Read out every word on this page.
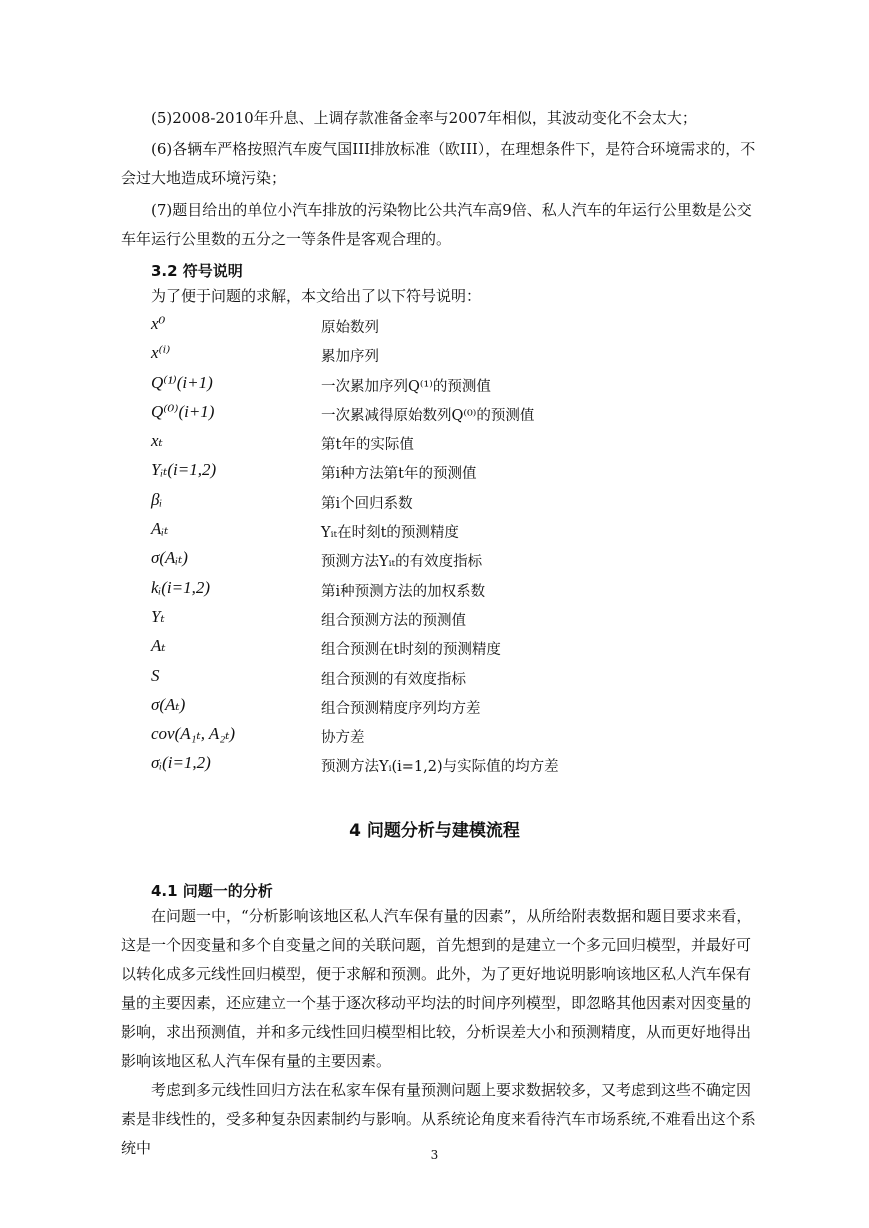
(5)2008-2010年升息、上调存款准备金率与2007年相似，其波动变化不会太大；

(6)各辆车严格按照汽车废气国III排放标准（欧III），在理想条件下，是符合环境需求的，不会过大地造成环境污染；

(7)题目给出的单位小汽车排放的污染物比公共汽车高9倍、私人汽车的年运行公里数是公交车年运行公里数的五分之一等条件是客观合理的。

3.2 符号说明

为了便于问题的求解，本文给出了以下符号说明：

x⁰	原始数列
x⁽ⁱ⁾	累加序列
Q⁽¹⁾(i+1)	一次累加序列Q⁽¹⁾的预测值
Q⁽⁰⁾(i+1)	一次累减得原始数列Q⁽⁰⁾的预测值
xₜ	第t年的实际值
Yᵢₜ(i=1,2)	第i种方法第t年的预测值
βᵢ	第i个回归系数
Aᵢₜ	Yᵢₜ在时刻t的预测精度
σ(Aᵢₜ)	预测方法Yᵢₜ的有效度指标
kᵢ(i=1,2)	第i种预测方法的加权系数
Yₜ	组合预测方法的预测值
Aₜ	组合预测在t时刻的预测精度
S	组合预测的有效度指标
σ(Aₜ)	组合预测精度序列均方差
cov(A₁ₜ, A₂ₜ)	协方差
σᵢ(i=1,2)	预测方法Yᵢ(i=1,2)与实际值的均方差
4 问题分析与建模流程
4.1 问题一的分析

在问题一中，“分析影响该地区私人汽车保有量的因素”，从所给附表数据和题目要求来看，这是一个因变量和多个自变量之间的关联问题，首先想到的是建立一个多元回归模型，并最好可以转化成多元线性回归模型，便于求解和预测。此外，为了更好地说明影响该地区私人汽车保有量的主要因素，还应建立一个基于逐次移动平均法的时间序列模型，即忽略其他因素对因变量的影响，求出预测值，并和多元线性回归模型相比较，分析误差大小和预测精度，从而更好地得出影响该地区私人汽车保有量的主要因素。

考虑到多元线性回归方法在私家车保有量预测问题上要求数据较多，又考虑到这些不确定因素是非线性的，受多种复杂因素制约与影响。从系统论角度来看待汽车市场系统,不难看出这个系统中	3
